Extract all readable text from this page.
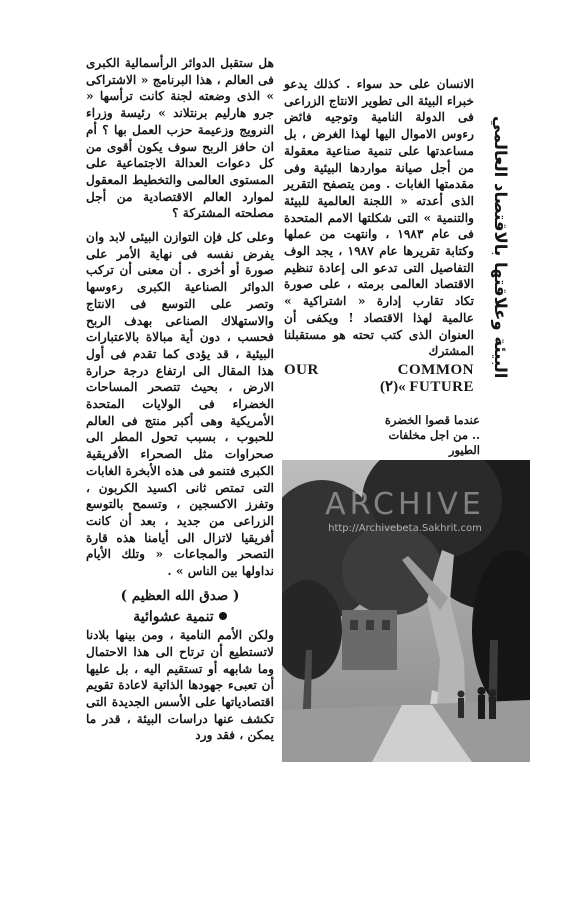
البيئة وعلاقتها بالاقتصاد العالمي

الانسان على حد سواء . كذلك يدعو خبراء البيئة الى تطوير الانتاج الزراعى فى الدولة النامية وتوجيه فائض رءوس الاموال اليها لهذا الغرض ، بل مساعدتها على تنمية صناعية معقولة من أجل صيانة مواردها البيئية وفى مقدمتها الغابات . ومن يتصفح التقرير الذى أعدته « اللجنة العالمية للبيئة والتنمية » التى شكلتها الامم المتحدة فى عام ١٩٨٣ ، وانتهت من عملها وكتابة تقريرها عام ١٩٨٧ ، يجد الوف التفاصيل التى تدعو الى إعادة تنظيم الاقتصاد العالمى برمته ، على صورة تكاد تقارب إدارة « اشتراكية » عالمية لهذا الاقتصاد ! ويكفى أن العنوان الذى كتب تحته هو مستقبلنا المشترك

OUR	COMMON
(٢)« FUTURE
عندما قصوا الخضرة .. من اجل مخلفات الطيور
ARCHIVE
http://Archivebeta.Sakhrit.com

هل ستقبل الدوائر الرأسمالية الكبرى فى العالم ، هذا البرنامج « الاشتراكى » الذى وضعته لجنة كانت ترأسها « جرو هارليم برنتلاند » رئيسة وزراء النرويج وزعيمة حزب العمل بها ؟ أم ان حافز الربح سوف يكون أقوى من كل دعوات العدالة الاجتماعية على المستوى العالمى والتخطيط المعقول لموارد العالم الاقتصادية من أجل مصلحته المشتركة ؟

وعلى كل فإن التوازن البيئى لابد وان يفرض نفسه فى نهاية الأمر على صورة أو أخرى . أن معنى أن تركب الدوائر الصناعية الكبرى رءوسها وتصر على التوسع فى الانتاج والاستهلاك الصناعى بهدف الربح فحسب ، دون أية مبالاة بالاعتبارات البيئية ، قد يؤدى كما تقدم فى أول هذا المقال الى ارتفاع درجة حرارة الارض ، بحيث تتصحر المساحات الخضراء فى الولايات المتحدة الأمريكية وهى أكبر منتج فى العالم للحبوب ، بسبب تحول المطر الى صحراوات مثل الصحراء الأفريقية الكبرى فتنمو فى هذه الأبخرة الغابات التى تمتص ثانى اكسيد الكربون ، وتفرز الاكسجين ، وتسمح بالتوسع الزراعى من جديد ، بعد أن كانت أفريقيا لاتزال الى أيامنا هذه قارة التصحر والمجاعات « وتلك الأيام نداولها بين الناس » .

( صدق الله العظيم )
تنمية عشوائية

ولكن الأمم النامية ، ومن بينها بلادنا لاتستطيع أن ترتاح الى هذا الاحتمال وما شابهه أو تستقيم اليه ، بل عليها أن تعبىء جهودها الذاتية لاعادة تقويم اقتصادياتها على الأسس الجديدة التى تكشف عنها دراسات البيئة ، قدر ما يمكن ، فقد ورد
